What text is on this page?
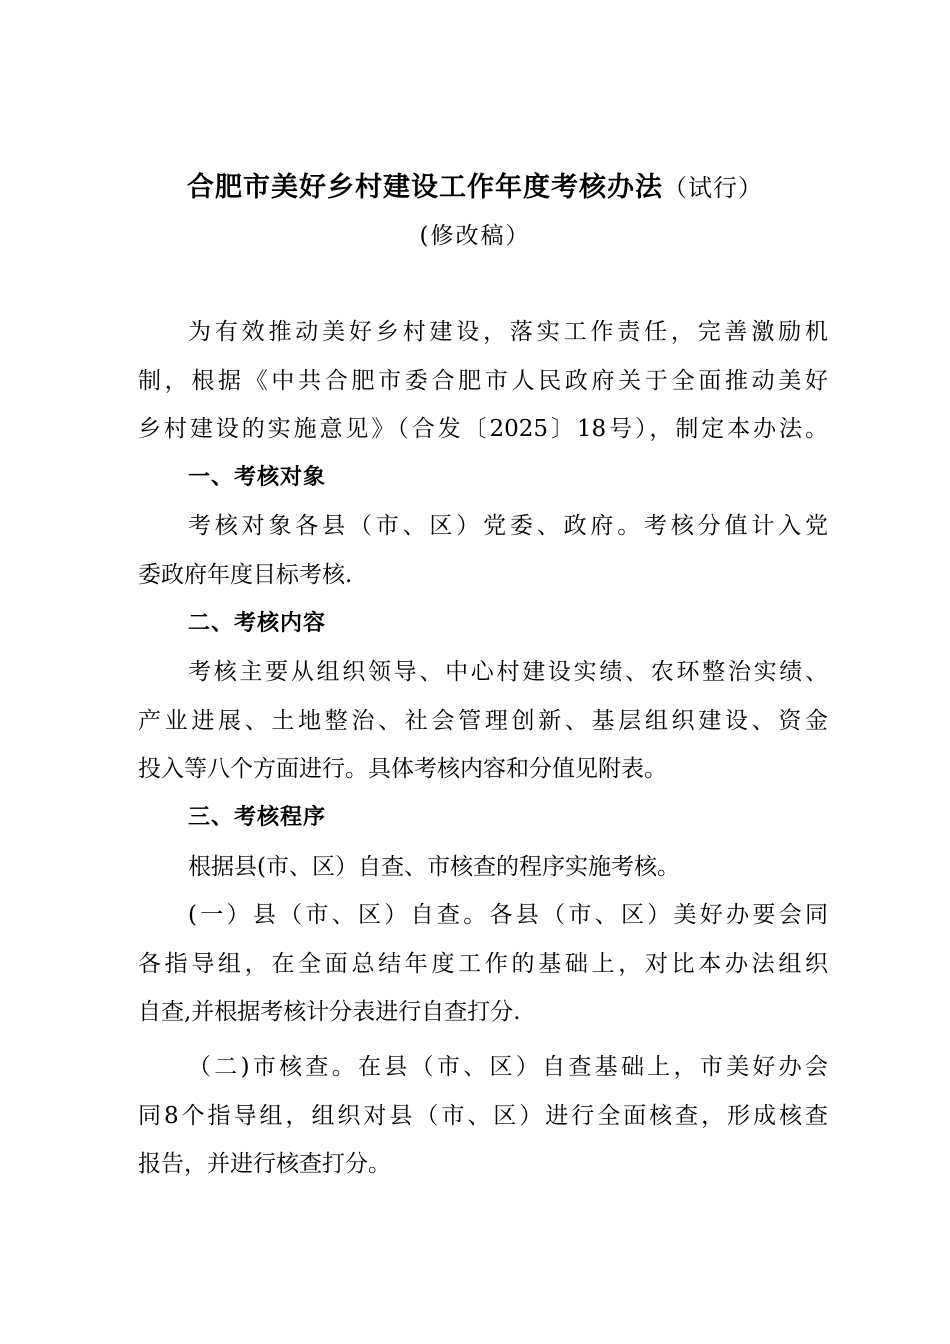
合肥市美好乡村建设工作年度考核办法（试行）
(修改稿）
为有效推动美好乡村建设，落实工作责任，完善激励机
制，根据《中共合肥市委合肥市人民政府关于全面推动美好
乡村建设的实施意见》（合发〔2025〕18号），制定本办法。
一、考核对象
考核对象各县（市、区）党委、政府。考核分值计入党
委政府年度目标考核.
二、考核内容
考核主要从组织领导、中心村建设实绩、农环整治实绩、
产业进展、土地整治、社会管理创新、基层组织建设、资金
投入等八个方面进行。具体考核内容和分值见附表。
三、考核程序
根据县(市、区）自查、市核查的程序实施考核。
(一）县（市、区）自查。各县（市、区）美好办要会同
各指导组，在全面总结年度工作的基础上，对比本办法组织
自查,并根据考核计分表进行自查打分.
（二)市核查。在县（市、区）自查基础上，市美好办会
同8个指导组，组织对县（市、区）进行全面核查，形成核查
报告，并进行核查打分。
